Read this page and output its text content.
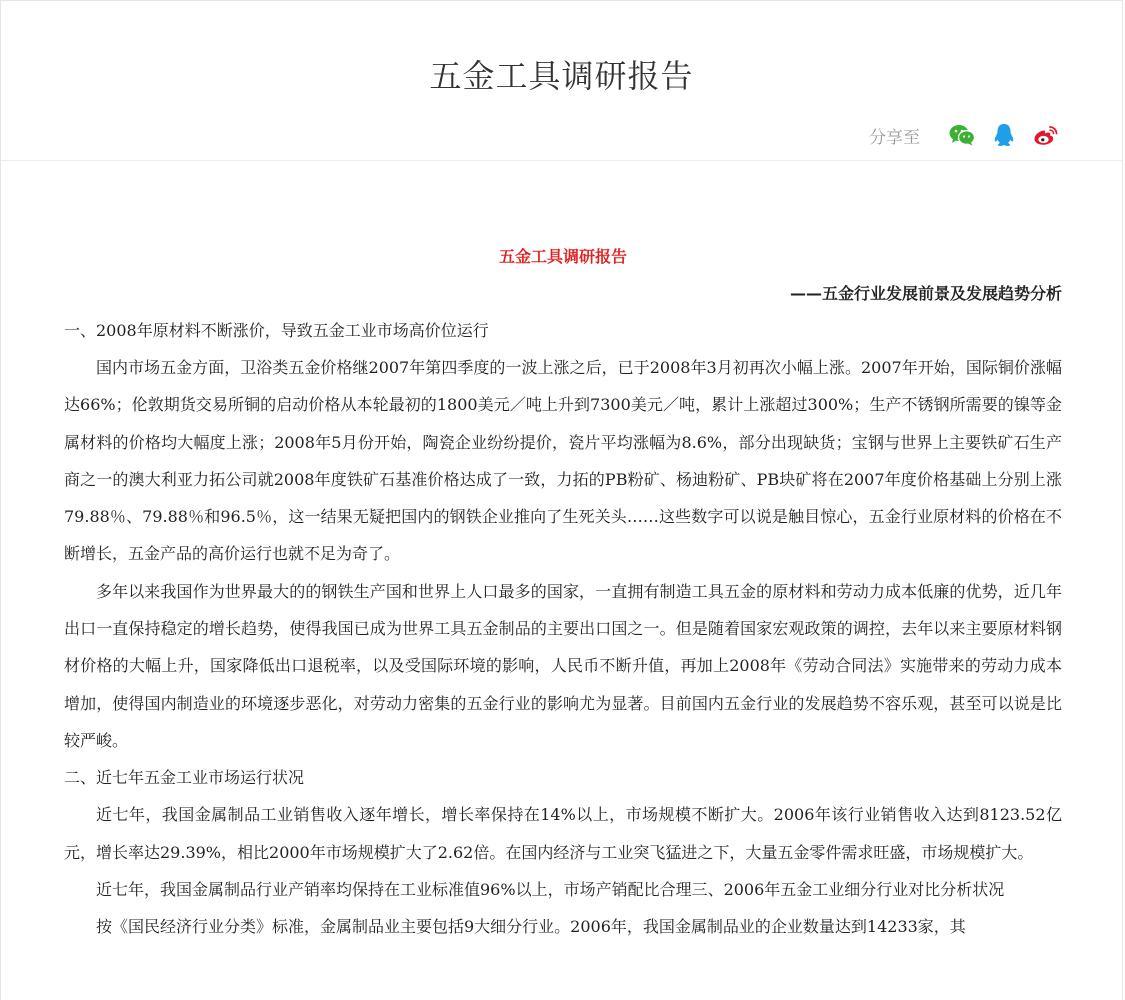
五金工具调研报告
分享至
五金工具调研报告
——五金行业发展前景及发展趋势分析

一、2008年原材料不断涨价，导致五金工业市场高价位运行

国内市场五金方面，卫浴类五金价格继2007年第四季度的一波上涨之后，已于2008年3月初再次小幅上涨。2007年开始，国际铜价涨幅达66%；伦敦期货交易所铜的启动价格从本轮最初的1800美元／吨上升到7300美元／吨，累计上涨超过300%；生产不锈钢所需要的镍等金属材料的价格均大幅度上涨；2008年5月份开始，陶瓷企业纷纷提价，瓷片平均涨幅为8.6%，部分出现缺货；宝钢与世界上主要铁矿石生产商之一的澳大利亚力拓公司就2008年度铁矿石基准价格达成了一致，力拓的PB粉矿、杨迪粉矿、PB块矿将在2007年度价格基础上分别上涨79.88％、79.88％和96.5％，这一结果无疑把国内的钢铁企业推向了生死关头……这些数字可以说是触目惊心，五金行业原材料的价格在不断增长，五金产品的高价运行也就不足为奇了。

多年以来我国作为世界最大的的钢铁生产国和世界上人口最多的国家，一直拥有制造工具五金的原材料和劳动力成本低廉的优势，近几年出口一直保持稳定的增长趋势，使得我国已成为世界工具五金制品的主要出口国之一。但是随着国家宏观政策的调控，去年以来主要原材料钢材价格的大幅上升，国家降低出口退税率，以及受国际环境的影响，人民币不断升值，再加上2008年《劳动合同法》实施带来的劳动力成本增加，使得国内制造业的环境逐步恶化，对劳动力密集的五金行业的影响尤为显著。目前国内五金行业的发展趋势不容乐观，甚至可以说是比较严峻。

二、近七年五金工业市场运行状况

近七年，我国金属制品工业销售收入逐年增长，增长率保持在14%以上，市场规模不断扩大。2006年该行业销售收入达到8123.52亿元，增长率达29.39%，相比2000年市场规模扩大了2.62倍。在国内经济与工业突飞猛进之下，大量五金零件需求旺盛，市场规模扩大。

近七年，我国金属制品行业产销率均保持在工业标准值96%以上，市场产销配比合理三、2006年五金工业细分行业对比分析状况

按《国民经济行业分类》标准，金属制品业主要包括9大细分行业。2006年，我国金属制品业的企业数量达到14233家，其
